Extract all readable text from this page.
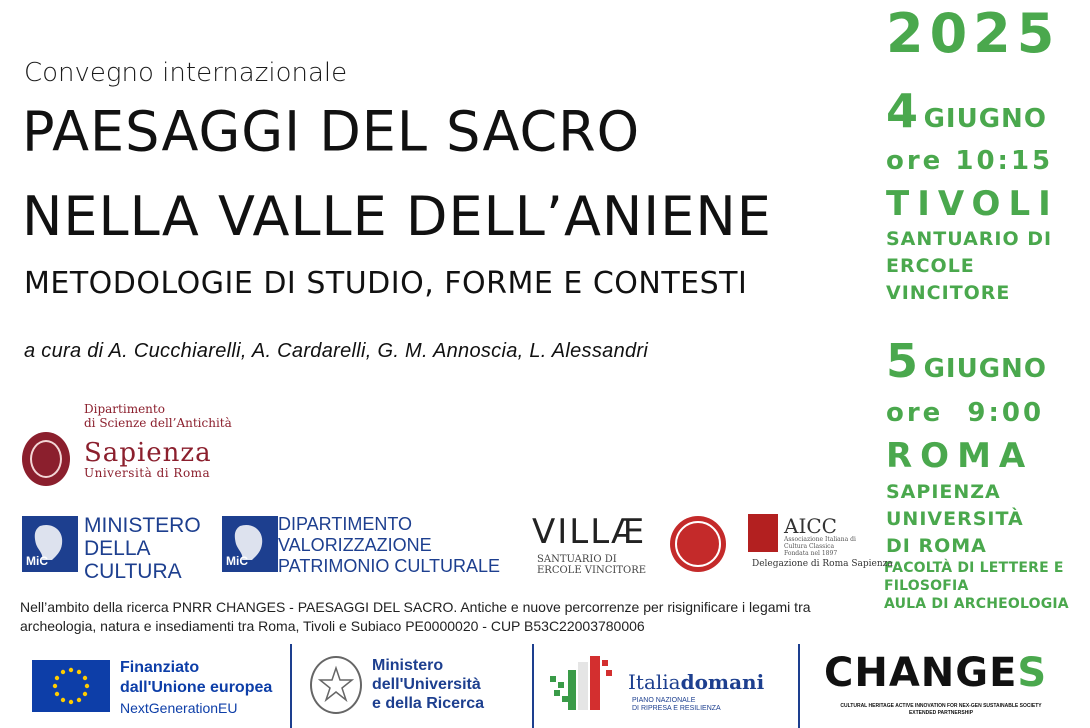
Convegno internazionale
PAESAGGI DEL SACRO
NELLA VALLE DELL’ANIENE
METODOLOGIE DI STUDIO, FORME E CONTESTI
a cura di A. Cucchiarelli, A. Cardarelli, G. M. Annoscia, L. Alessandri
2025
4 GIUGNO
ore 10:15
TIVOLI
SANTUARIO DI
ERCOLE
VINCITORE
5 GIUGNO
ore  9:00
ROMA
SAPIENZA
UNIVERSITÀ
DI ROMA
FACOLTÀ DI LETTERE E
FILOSOFIA
AULA DI ARCHEOLOGIA
Dipartimento
di Scienze dell’Antichità
Sapienza
Università di Roma
MiC
MINISTERO
DELLA
CULTURA	MiC
DIPARTIMENTO
VALORIZZAZIONE
PATRIMONIO CULTURALE
VILLÆ
SANTUARIO DI
ERCOLE VINCITORE
AICC
Associazione Italiana di Cultura Classica Fondata nel 1897
Delegazione di Roma Sapienza
Nell’ambito della ricerca PNRR CHANGES - PAESAGGI DEL SACRO. Antiche e nuove percorrenze per risignificare i legami tra archeologia, natura e insediamenti tra Roma, Tivoli e Subiaco PE0000020 - CUP B53C22003780006
Finanziato
dall'Unione europea
NextGenerationEU
Ministero
dell'Università
e della Ricerca
Italiadomani
PIANO NAZIONALE
DI RIPRESA E RESILIENZA
CHANGES
CULTURAL HERITAGE ACTIVE INNOVATION FOR NEX-GEN SUSTAINABLE SOCIETY
EXTENDED PARTNERSHIP
